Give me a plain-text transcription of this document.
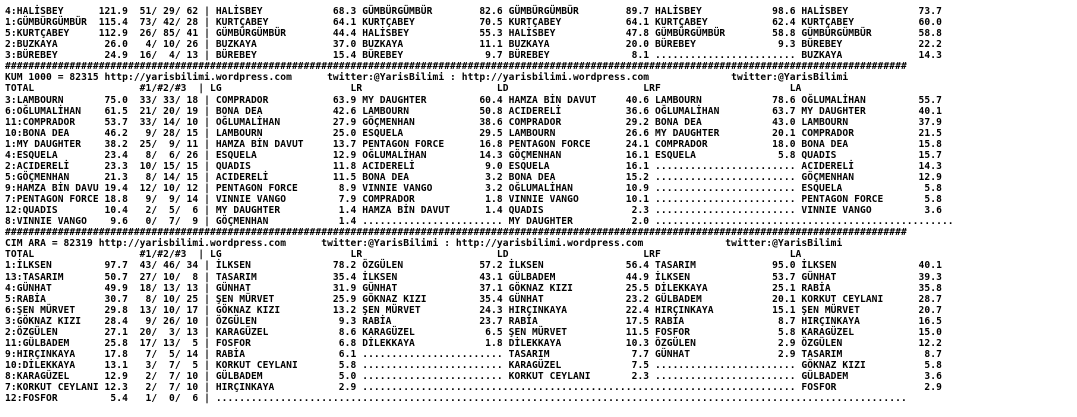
4:HALİSBEY      121.9  51/ 29/ 62 | HALİSBEY            68.3 GÜMBÜRGÜMBÜR        82.6 GÜMBÜRGÜMBÜR        89.7 HALİSBEY            98.6 HALİSBEY            73.7
1:GÜMBÜRGÜMBÜR  115.4  73/ 42/ 28 | KURTÇABEY           64.1 KURTÇABEY           70.5 KURTÇABEY           64.1 KURTÇABEY           62.4 KURTÇABEY           60.0
5:KURTÇABEY     112.9  26/ 85/ 41 | GÜMBÜRGÜMBÜR        44.4 HALİSBEY            55.3 HALİSBEY            47.8 GÜMBÜRGÜMBÜR        58.8 GÜMBÜRGÜMBÜR        58.8
2:BUZKAYA        26.0   4/ 10/ 26 | BUZKAYA             37.0 BUZKAYA             11.1 BUZKAYA             20.0 BÜREBEY              9.3 BÜREBEY             22.2
3:BÜREBEY        24.9  16/  4/ 13 | BÜREBEY             15.4 BÜREBEY              9.7 BÜREBEY              8.1 ........................ BUZKAYA             14.3
##########################################################################################################################################################
KUM 1000 = 82315 http://yarisbilimi.wordpress.com      twitter:@YarisBilimi : http://yarisbilimi.wordpress.com              twitter:@YarisBilimi
TOTAL                  #1/#2/#3  | LG                      LR                       LD                       LRF                      LA
3:LAMBOURN       75.0  33/ 33/ 18 | COMPRADOR           63.9 MY DAUGHTER         60.4 HAMZA BİN DAVUT     40.6 LAMBOURN            78.6 OĞLUMALİHAN         55.7
6:OĞLUMALİHAN    61.5  21/ 20/ 19 | BONA DEA            42.6 LAMBOURN            50.8 ACIDERELİ           36.6 OĞLUMALİHAN         63.7 MY DAUGHTER         40.1
11:COMPRADOR     53.7  33/ 14/ 10 | OĞLUMALİHAN         27.9 GÖÇMENHAN           38.6 COMPRADOR           29.2 BONA DEA            43.0 LAMBOURN            37.9
10:BONA DEA      46.2   9/ 28/ 15 | LAMBOURN            25.0 ESQUELA             29.5 LAMBOURN            26.6 MY DAUGHTER         20.1 COMPRADOR           21.5
1:MY DAUGHTER    38.2  25/  9/ 11 | HAMZA BİN DAVUT     13.7 PENTAGON FORCE      16.8 PENTAGON FORCE      24.1 COMPRADOR           18.0 BONA DEA            15.8
4:ESQUELA        23.4   8/  6/ 26 | ESQUELA             12.9 OĞLUMALİHAN         14.3 GÖÇMENHAN           16.1 ESQUELA              5.8 QUADIS              15.7
2:ACIDERELİ      23.3  10/ 15/ 15 | QUADIS              11.8 ACIDERELİ            9.0 ESQUELA             16.1 ........................ ACIDERELİ           14.3
5:GÖÇMENHAN      21.3   8/ 14/ 15 | ACIDERELİ           11.5 BONA DEA             3.2 BONA DEA            15.2 ........................ GÖÇMENHAN           12.9
9:HAMZA BİN DAVU 19.4  12/ 10/ 12 | PENTAGON FORCE       8.9 VINNIE VANGO         3.2 OĞLUMALİHAN         10.9 ........................ ESQUELA              5.8
7:PENTAGON FORCE 18.8   9/  9/ 14 | VINNIE VANGO         7.9 COMPRADOR            1.8 VINNIE VANGO        10.1 ........................ PENTAGON FORCE       5.8
12:QUADIS        10.4   2/  5/  6 | MY DAUGHTER          1.4 HAMZA BİN DAVUT      1.4 QUADIS               2.3 ........................ VINNIE VANGO         3.6
8:VINNIE VANGO    9.6   0/  7/  9 | GÖÇMENHAN            1.4 ........................ MY DAUGHTER          2.0 ...................................................
##########################################################################################################################################################
CIM ARA = 82319 http://yarisbilimi.wordpress.com      twitter:@YarisBilimi : http://yarisbilimi.wordpress.com              twitter:@YarisBilimi
TOTAL                  #1/#2/#3  | LG                      LR                       LD                       LRF                      LA
1:İLKSEN         97.7  43/ 46/ 34 | İLKSEN              78.2 ÖZGÜLEN             57.2 İLKSEN              56.4 TASARIM             95.0 İLKSEN              40.1
13:TASARIM       50.7  27/ 10/  8 | TASARIM             35.4 İLKSEN              43.1 GÜLBADEM            44.9 İLKSEN              53.7 GÜNHAT              39.3
4:GÜNHAT         49.9  18/ 13/ 13 | GÜNHAT              31.9 GÜNHAT              37.1 GÖKNAZ KIZI         25.5 DİLEKKAYA           25.1 RABİA               35.8
5:RABİA          30.7   8/ 10/ 25 | ŞEN MÜRVET          25.9 GÖKNAZ KIZI         35.4 GÜNHAT              23.2 GÜLBADEM            20.1 KORKUT CEYLANI      28.7
6:ŞEN MÜRVET     29.8  13/ 10/ 17 | GÖKNAZ KIZI         13.2 ŞEN MÜRVET          24.3 HIRÇINKAYA          22.4 HIRÇINKAYA          15.1 ŞEN MÜRVET          20.7
3:GÖKNAZ KIZI    28.4   9/ 26/ 10 | ÖZGÜLEN              9.3 RABİA               23.7 RABİA               17.5 RABİA                8.7 HIRÇINKAYA          16.5
2:ÖZGÜLEN        27.1  20/  3/ 13 | KARAGÜZEL            8.6 KARAGÜZEL            6.5 ŞEN MÜRVET          11.5 FOSFOR               5.8 KARAGÜZEL           15.0
11:GÜLBADEM      25.8  17/ 13/  5 | FOSFOR               6.8 DİLEKKAYA            1.8 DİLEKKAYA           10.3 ÖZGÜLEN              2.9 ÖZGÜLEN             12.2
9:HIRÇINKAYA     17.8   7/  5/ 14 | RABİA                6.1 ........................ TASARIM              7.7 GÜNHAT               2.9 TASARIM              8.7
10:DİLEKKAYA     13.1   3/  7/  5 | KORKUT CEYLANI       5.8 ........................ KARAGÜZEL            7.5 ........................ GÖKNAZ KIZI          5.8
8:KARAGÜZEL      12.9   2/  7/ 10 | GÜLBADEM             5.0 ........................ KORKUT CEYLANI       2.3 ........................ GÜLBADEM             3.6
7:KORKUT CEYLANI 12.3   2/  7/ 10 | HIRÇINKAYA           2.9 .......................................................................... FOSFOR               2.9
12:FOSFOR         5.4   1/  0/  6 | ......................................................................................................................
